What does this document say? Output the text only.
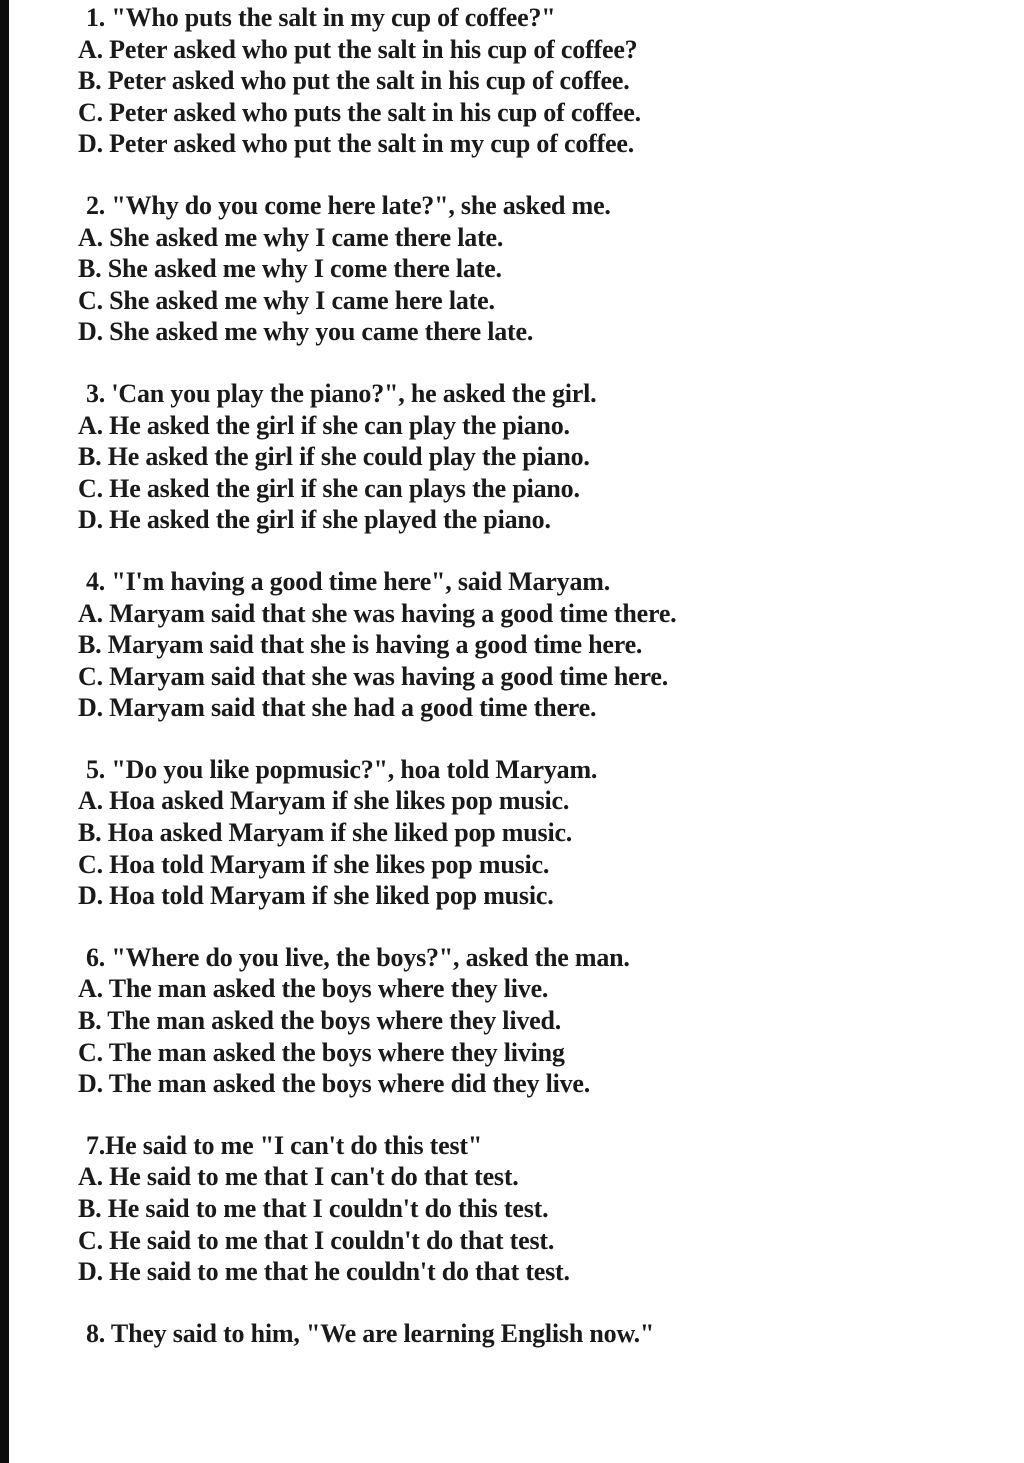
1. "Who puts the salt in my cup of coffee?"
A. Peter asked who put the salt in his cup of coffee?
B. Peter asked who put the salt in his cup of coffee.
C. Peter asked who puts the salt in his cup of coffee.
D. Peter asked who put the salt in my cup of coffee.
2. "Why do you come here late?", she asked me.
A. She asked me why I came there late.
B. She asked me why I come there late.
C. She asked me why I came here late.
D. She asked me why you came there late.
3. 'Can you play the piano?", he asked the girl.
A. He asked the girl if she can play the piano.
B. He asked the girl if she could play the piano.
C. He asked the girl if she can plays the piano.
D. He asked the girl if she played the piano.
4. "I'm having a good time here", said Maryam.
A. Maryam said that she was having a good time there.
B. Maryam said that she is having a good time here.
C. Maryam said that she was having a good time here.
D. Maryam said that she had a good time there.
5. "Do you like popmusic?", hoa told Maryam.
A. Hoa asked Maryam if she likes pop music.
B. Hoa asked Maryam if she liked pop music.
C. Hoa told Maryam if she likes pop music.
D. Hoa told Maryam if she liked pop music.
6. "Where do you live, the boys?", asked the man.
A. The man asked the boys where they live.
B. The man asked the boys where they lived.
C. The man asked the boys where they living
D. The man asked the boys where did they live.
7.He said to me "I can't do this test"
A. He said to me that I can't do that test.
B. He said to me that I couldn't do this test.
C. He said to me that I couldn't do that test.
D. He said to me that he couldn't do that test.
8. They said to him, "We are learning English now."
